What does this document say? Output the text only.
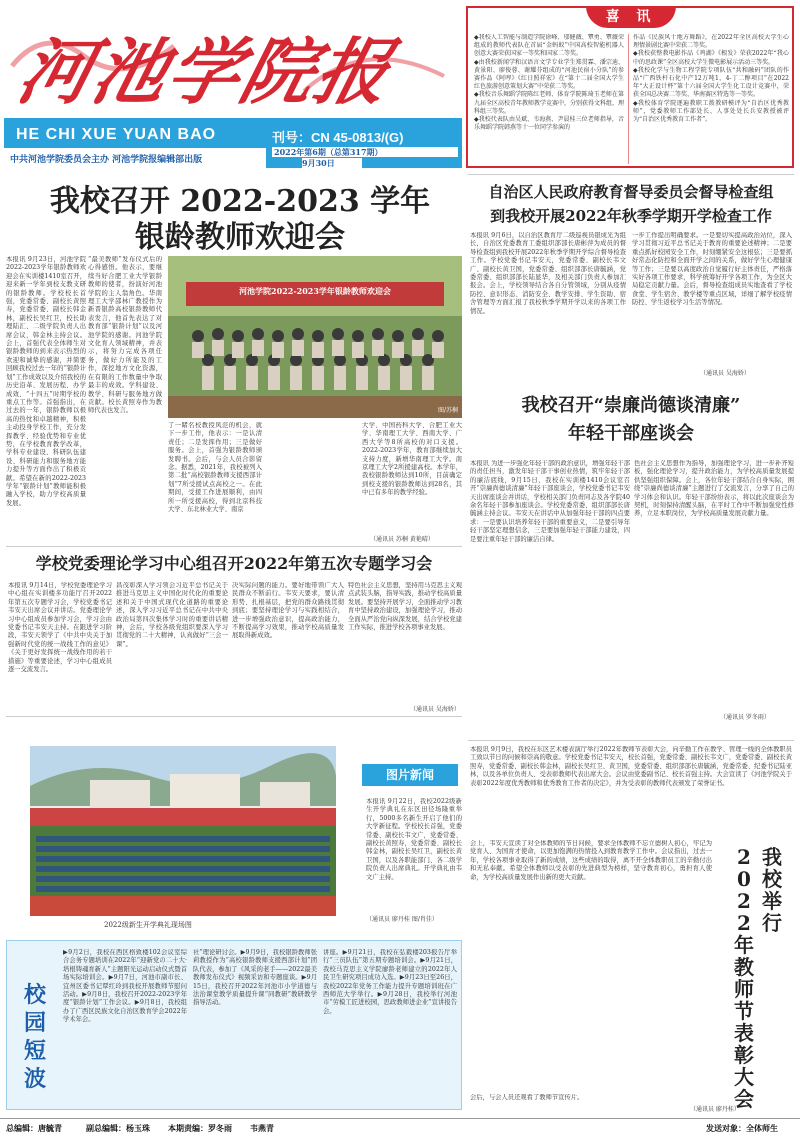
河池学院报
HE CHI XUE YUAN BAO	刊号：CN 45-0813/(G)
中共河池学院委员会主办 河池学院报编辑部出版
2022年第6期（总第317期）
9月30日
喜 讯

◆我校人工智能与制造学院徐峰、邬健薇、覃勇、覃薇荣组成的教师代表队在首届“金蚂蚁”中国高校智能机器人创意大赛荣获国家一等奖和国家二等奖。

◆由我校新闻学和汉语言文学专业学生郑贯霖、潘宗迪、黄景阳、廖俊蓉、谢耀芬组成的“河池民宿小分队”的参赛作品《阿哼》《红日照祥宏》在“第十二届全国大学生红色旅游创意策划大赛”中荣获二等奖。

◆我校音乐舞蹈学院陈红老师、体育学院陈琦玉老师在第九届全区高校青年教师教学竞赛中，分别获得文科组、理科组三等奖。

◆我校代表队由吴斌、韦海燕、尹晨桂三位老师指导，音乐舞蹈学院韩燕等十一位同学参演的

作品《民族风十地方舞蹈》，在2022年全区高校大学生心理情景剧比赛中荣获二等奖。

◆我校获整教电影作品《鸡湖》《根发》荣获2022年“我心中的思政课”全区高校大学生微电影展示活动三等奖。

◆我校化学与生物工程学院专项队伍“共和融码”团队的作品“广西铁杆石化中产12万吨1，4-丁二醇项目”在2022年“大正设计杯”第十六届全国大学生化工设计竞赛中，荣获全国总决赛二等奖、华南赛区特选等一等奖。

◆我校体育学院逐遍教职工拨教研模评为“自治区优秀教师”，党委教师工作部处长、人事处处长兵安教授被评为“自治区优秀教育工作者”。

我校召开 2022-2023 学年
银龄教师欢迎会
本报讯 9月23日，河池学院2022-2023学年银龄教师欢迎会在实训楼1410室召开，迎来新一学年到校支教支研的银龄教师。学校校长首强，党委常委、副校长黄照寿，党委常委、副校长韩金林，副校长吴红卫，校长助理陆汇、二级学院负责人出席会议，韩金林主持会议。会上，首强代表全体师生对银龄教师的到来表示热烈的欢迎和诚挚的感谢，并简要回顾我校过去一年的“银龄计划”工作成效以及介绍我校的历史沿革、发展历程、办学成效、“十四五”时期学校的重点工作等。首强指出，在过去的一年，银龄教师以极高的热忱和卓越精神，积极主动投身学校工作，充分发挥教学、经验优势和专业优势，在学校教育教学改革，学科专业建设、科研队伍建设、科研能力和服务地方能力提升等方面作出了积极贡献。希望在新的2022-2023学年“银龄计划”教师能积极融入学校，助力学校高质量发展。
“最美教师”发布仪式后的心得感悟。他表示，要继续当好合肥工业大学银龄教师的使者，扮演好河池学院的主人翁角色。华南理工大学邵林广教授作为新晋银龄高校银龄教师代表发言，他首先表达了对教育部“银龄计划”以及河池学院的感谢。河池学院文化育人领域精神，并表示，将努力完成各项任务，做好力所能及的工作，深挖地方文化资源，在有限的工作数量中争取最丰的成效。学科建设、教学、科研与服务地方做贡献。校长黄照寿作为教师代表也发言。
河池学院2022-2023学年银龄教师欢迎会
图/苏桐
了一睹名校教授风范的机会，就下一步工作，他表示：一是认清责任；二是发挥作用；三是做好服务。会上，首强为银龄教师颁发聘书。会后，与会人员合影留念。据悉，2021年，我校被列入第二批“高校银龄教师支援西部计划”7所受援试点高校之一。在此期间，受援工作进展顺利，由四所一所受援高校，得到北京科技大学、东北林业大学、南京
大学、中国药科大学、合肥工业大学、华南理工大学、西南大学、广西大学等8所高校的对口支援。2022-2023学年，教育部继续加大支持力度，新增华南理工大学。南京理工大学2所援建高校。本学年，我校银龄教师达到10所，目前确定到校支援的银龄教师达到28名，其中已有多年的教学经验。
（通讯员 苏桐 黄艳晴）
自治区人民政府教育督导委员会督导检查组
到我校开展2022年秋季学期开学检查工作
本报讯 9月6日，以自治区教育厅二级巡视员银成光为组长，自治区党委教育工委组织部部长唐彬萍为成员的督导检查组到我校开展2022年秋季学期开学综合督导检查工作。学校党委书记韦安天，党委常委、副校长韦文广、副校长黄卫国，党委常委、组织部部长唐毓涵，党委常委、组织部部长陆显华，及相关部门负责人参加汇报会。会上，学校领导结合各自分管领域，分别从疫情防控、意识形态、消防安全、教学安排、学生资助、宿舍管理等方面汇报了我校秋季学期开学以来的各项工作情况。
一步工作提出明确要求。一是要切实提高政治站位，深入学习贯彻习近平总书记关于教育的重要论述精神；二是要重点抓好校园安全工作，时刻绷紧安全这根弦；三是要抓好常态化防控和全面开学之间的关系，做好学生心理健康等工作；三是要以高度政治自觉履行好主体责任，严格落实好各项工作要求，科学统筹好开学各项工作，为全区大局稳定贡献力量。会后，督导检查组成员实地查看了学校食堂、学生宿舍、教学楼等重点区域，详细了解学校疫情防控、学生返校学习生活等情况。
（通讯员 吴海娇）
我校召开“崇廉尚德谈清廉”
年轻干部座谈会
本报讯 为进一步强化年轻干部的政治意识，增强年轻干部的责任担当，激发年轻干部干事创业热情，筑牢年轻干部的廉洁底线，9月15日，我校在实训楼1410会议室召开“崇廉尚德谈清廉”年轻干部座谈会，学校党委书记韦安天出席座谈会并讲话，学校相关部门负责同志及各学院40余名年轻干部参加座谈会。学校党委常委、组织部部长唐毓涵主持会议。韦安天在讲话中从加强年轻干部的四点要求：一是要认识培养年轻干部的重要意义，二是要引导年轻干部坚定理想信念，三是要加强年轻干部能力建设，四是要注重年轻干部的廉洁自律。
色社会主义思想作为指导，加强理论学习，进一步补齐短板，强化理论学习，提升政治能力，为学校高质量发展提供坚强组织保障。会上，各位年轻干部结合自身实际，围绕“崇廉尚德谈清廉”主题进行了交流发言，分享了自己的学习体会和认识。年轻干部纷纷表示，将以此次座谈会为契机，时刻保持清醒头脑，在平时工作中不断加强党性修养，立足本职岗位，为学校高质量发展贡献力量。
（通讯员 罗冬雨）
学校党委理论学习中心组召开2022年第五次专题学习会
本报讯 9月14日，学校党委理论学习中心组在实训楼多功能厅召开2022年第五次专题学习会，学校党委书记韦安天出席会议并讲话。党委理论学习中心组成员参加学习会，学习会由党委书记韦安天主持。在跟进学习阶段，韦安天领学了《中共中央关于加强新时代党的统一战线工作的意见》《关于更好发挥统一战线作用的若干措施》等重要论述，学习中心组成员逐一交流发言。
昌茂彰深入学习领会习近平总书记关于推进马克思主义中国化时代化的重要论述和关于中国式现代化道路的重要论述，深入学习习近平总书记在中共中央政治局第四次集体学习时的重要讲话精神，会后，学校各级党组织要深入学习贯彻党的二十大精神，认真做好“三会一课”。
决实际问题的能力。要好地带领广大人民群众不断前行。韦安天要求，要认清形势、扎根基层，把党的群众路线贯彻到底；要坚持理论学习与实践相结合，进一步增强政治意识，提高政治能力，不断提高学习效果，推动学校高质量发展取得新成效。
特色社会主义思想，坚持用马克思主义观点武装头脑，指导实践，推动学校高质量发展。要坚持开展学习，全面推动学习教育中坚持政治建设，加强理论学习，推动全面从严治党向纵深发展，结合学校党建工作实际，推进学校各项事业发展。
（通讯员 吴海娇）
2022级新生开学典礼现场图
图片新闻
本报讯 9月22日，我校2022级新生开学典礼在东区田径场隆重举行，5000多名新生开启了他们的大学新征程。学校校长首强，党委常委、副校长韦文广，党委常委、副校长黄照寿，党委常委、副校长韩金林，副校长吴红卫，副校长黄卫国，以及各职能部门、各二级学院负责人出席典礼。开学典礼由韦文广主持。
（通讯员 廖丹桂 图/肖佳）
校园
短波
▶9月2日，我校在西区格致楼102会议室综合会务专题培训在2022年“迎新党の二十大·培根铸魂育新人”主题阳光运动启动仪式暨首场实际培训会。▶9月7日，河池市副市长、宜州区委书记覃红玲到我校开展教师节慰问活动。▶9月8日，我校召开2022-2023学年度“银龄计划”工作会议。▶9月8日，我校组办了广西区民族文化自治区教育学会2022年学术年会。
社”理论研讨会。▶9月9日，我校银龄教师张莉教授作为“高校银龄教师支援西部计划”团队代表，参加了《风采的老手——2022最美教师发布仪式》视频采访和专题座谈。▶9月15日，我校召开2022年河池市小学道德与法治课堂教学质量提升课“同教研”教研教学指导活动。
讲座。▶9月21日，我校在弘毅楼203报告厅举行“三员队伍”第五期专题培训会。▶9月21日，我校马克思主义学院廖龄老师建立的2022年人民卫生研究项目成功入选。▶9月23日至26日，我校2022年党务工作能力提升专题培训班在广西师范大学举行。▶9月28日，我校举行河池市“劳模工匠进校园，思政教师进企业”宣讲报告会。
本报讯 9月9日，我校在东区艺术楼表演厅举行2022年教师节表彰大会，向辛勤工作在教学、管理一线的全体教职员工致以节日的问候和崇高的敬意。学校党委书记韦安天，校长首强，党委常委、副校长韦文广，党委常委、副校长黄照寿，党委常委、副校长韩金林，副校长吴红卫、黄卫国，党委常委、组织部部长唐毓涵，党委常委、纪委书记陆亚林，以及各单位负责人、受表彰教师代表出席大会。会议由党委副书记、校长首强主持。大会宣读了《河池学院关于表彰2022年度优秀教师和优秀教育工作者的决定》，并为受表彰的教师代表颁发了荣誉证书。
会上，韦安天宣读了对全体教师的节日问候，要求全体教师不忘立德树人初心，牢记为党育人、为国育才使命，以更加饱满的热情投入到教育教学工作中。会议指出，过去一年，学校各项事业取得了新的成绩，这些成绩的取得，离不开全体教职员工的辛勤付出和无私奉献。希望全体教师以受表彰的先进典型为榜样，坚守教育初心，勇担育人使命，为学校高质量发展作出新的更大贡献。
会后，与会人员还观看了教师节宣传片。
（通讯员 廖丹桂）
2
0
2
2
年
教
师
节
表
彰
大
会
我
校
举
行
总编辑：唐毓青	副总编辑：杨玉珠 本期责编：罗冬雨 韦燕青	发送对象：全体师生
